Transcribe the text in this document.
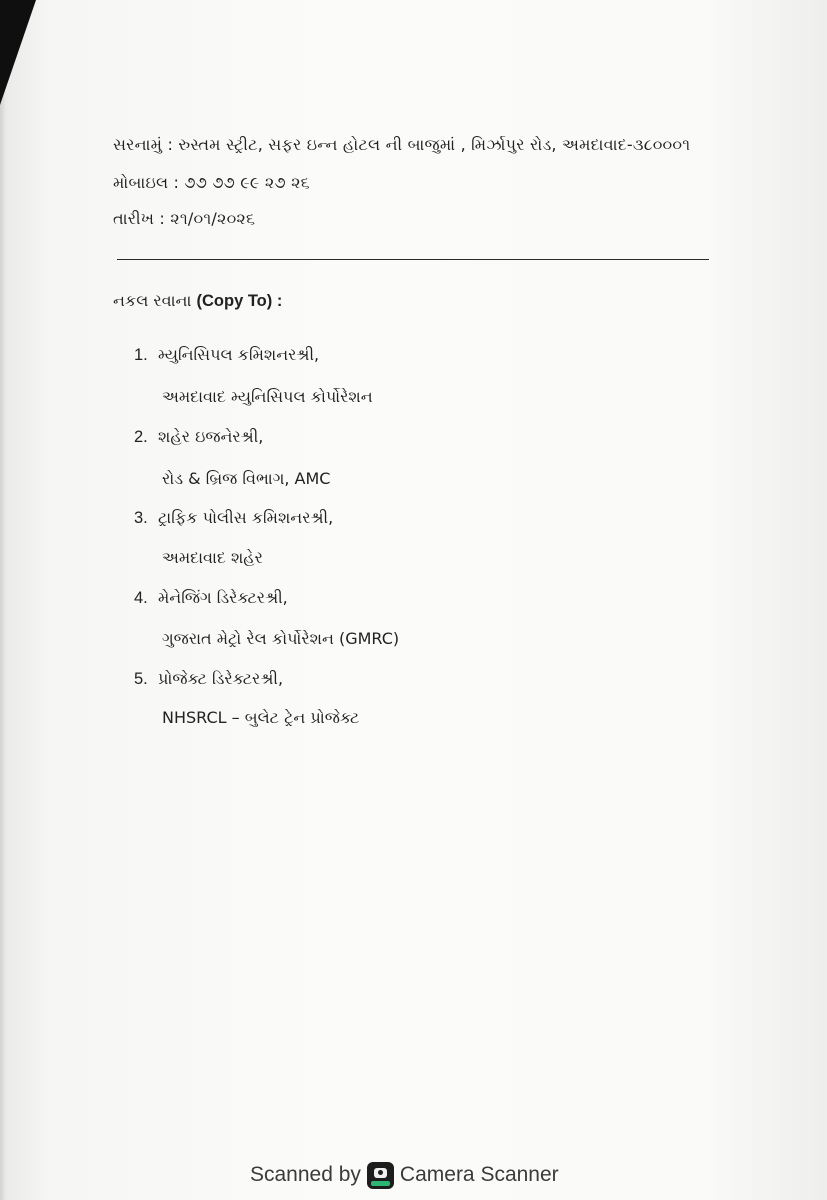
સરનામું : રુસ્તમ સ્ટ્રીટ, સફર ઇન્ન હોટલ ની બાજુમાં , મિર્ઝાપુર રોડ, અમદાવાદ-૩૮૦૦૦૧
મોબાઇલ : ૭૭ ૭૭ ૯૯ ૨૭ ૨૬
તારીખ : ૨૧/૦૧/૨૦૨૬
નકલ રવાના (Copy To) :
1. મ્યુનિસિપલ કમિશનરશ્રી,
અમદાવાદ મ્યુનિસિપલ કોર્પોરેશન
2. શહેર ઇજનેરશ્રી,
રોડ & બ્રિજ વિભાગ, AMC
3. ટ્રાફિક પોલીસ કમિશનરશ્રી,
અમદાવાદ શહેર
4. મેનેજિંગ ડિરેક્ટરશ્રી,
ગુજરાત મેટ્રો રેલ કોર્પોરેશન (GMRC)
5. પ્રોજેક્ટ ડિરેક્ટરશ્રી,
NHSRCL – બુલેટ ટ્રેન પ્રોજેક્ટ
Scanned by Camera Scanner
